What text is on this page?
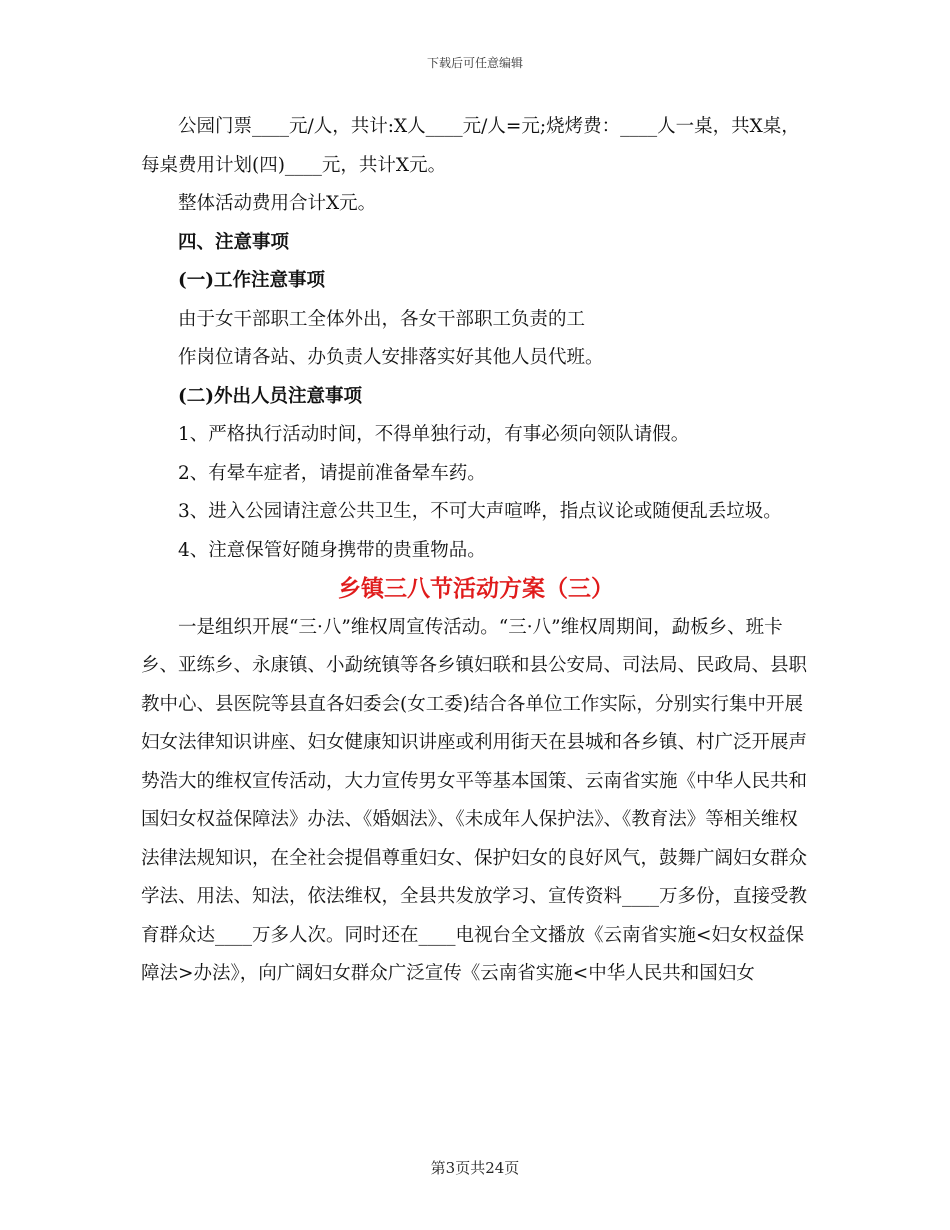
下载后可任意编辑

公园门票____元/人，共计:X人____元/人=元;烧烤费：____人一桌，共X桌，每桌费用计划(四)____元，共计X元。

整体活动费用合计X元。

四、注意事项

(一)工作注意事项

由于女干部职工全体外出，各女干部职工负责的工

作岗位请各站、办负责人安排落实好其他人员代班。

(二)外出人员注意事项

1、严格执行活动时间，不得单独行动，有事必须向领队请假。

2、有晕车症者，请提前准备晕车药。

3、进入公园请注意公共卫生，不可大声喧哗，指点议论或随便乱丢垃圾。

4、注意保管好随身携带的贵重物品。

乡镇三八节活动方案（三）

一是组织开展“三·八”维权周宣传活动。“三·八”维权周期间，勐板乡、班卡乡、亚练乡、永康镇、小勐统镇等各乡镇妇联和县公安局、司法局、民政局、县职教中心、县医院等县直各妇委会(女工委)结合各单位工作实际，分别实行集中开展妇女法律知识讲座、妇女健康知识讲座或利用街天在县城和各乡镇、村广泛开展声势浩大的维权宣传活动，大力宣传男女平等基本国策、云南省实施《中华人民共和国妇女权益保障法》办法、《婚姻法》、《未成年人保护法》、《教育法》等相关维权法律法规知识，在全社会提倡尊重妇女、保护妇女的良好风气，鼓舞广阔妇女群众学法、用法、知法，依法维权，全县共发放学习、宣传资料____万多份，直接受教育群众达____万多人次。同时还在____电视台全文播放《云南省实施<妇女权益保障法>办法》，向广阔妇女群众广泛宣传《云南省实施<中华人民共和国妇女

第3页共24页
